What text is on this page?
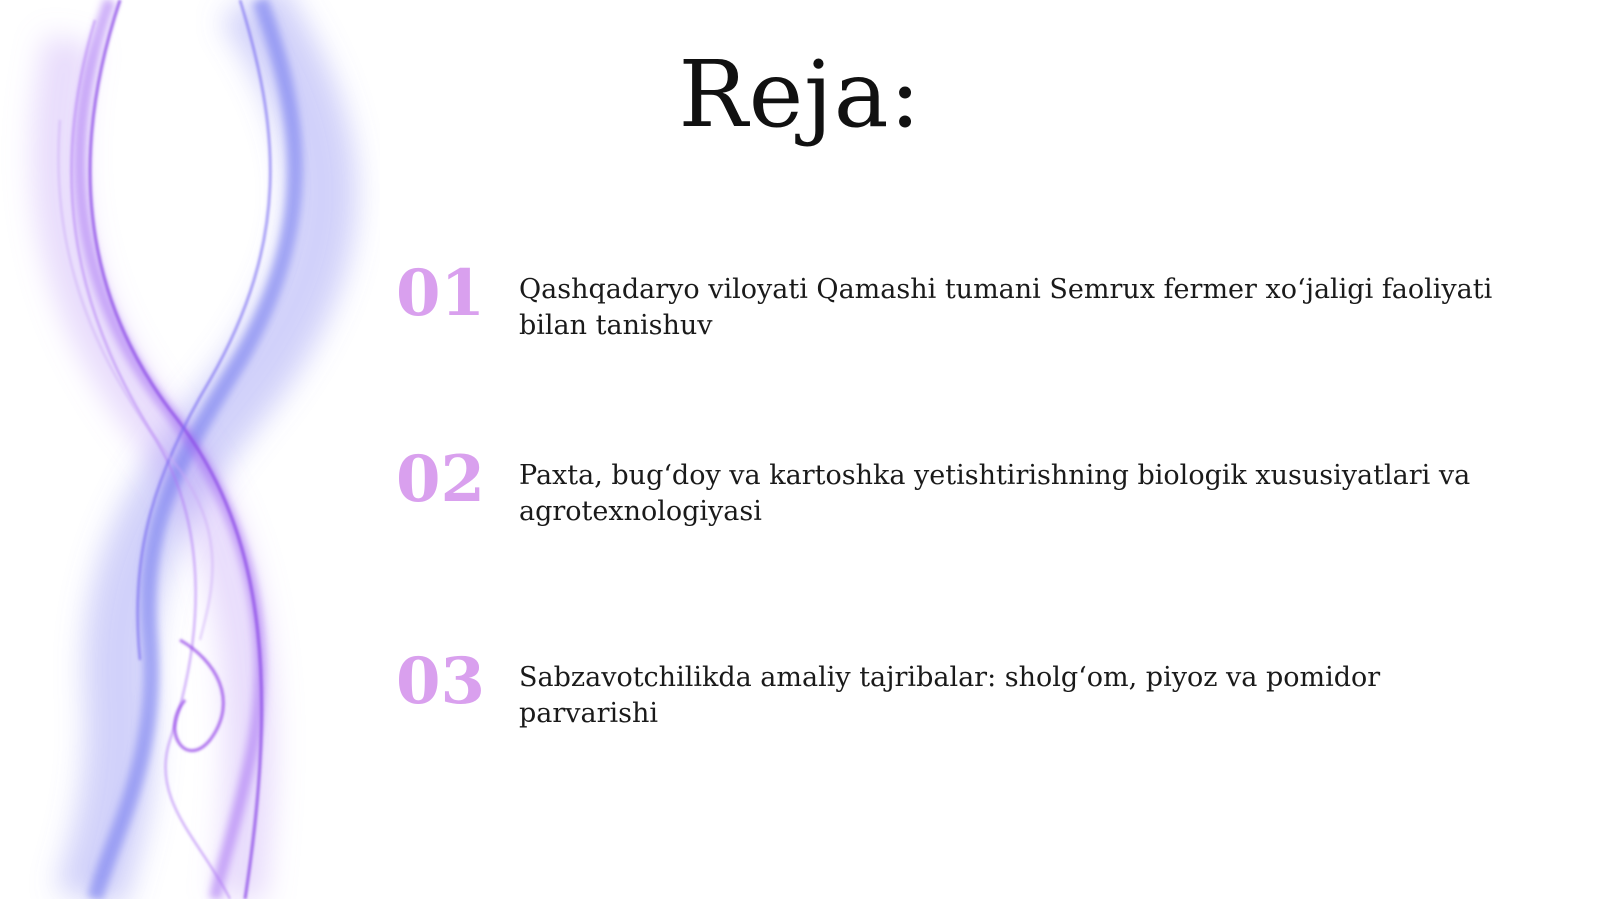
Reja:
01	Qashqadaryo viloyati Qamashi tumani Semrux fermer xo‘jaligi faoliyati bilan tanishuv
02	Paxta, bug‘doy va kartoshka yetishtirishning biologik xususiyatlari va agrotexnologiyasi
03	Sabzavotchilikda amaliy tajribalar: sholg‘om, piyoz va pomidor parvarishi
